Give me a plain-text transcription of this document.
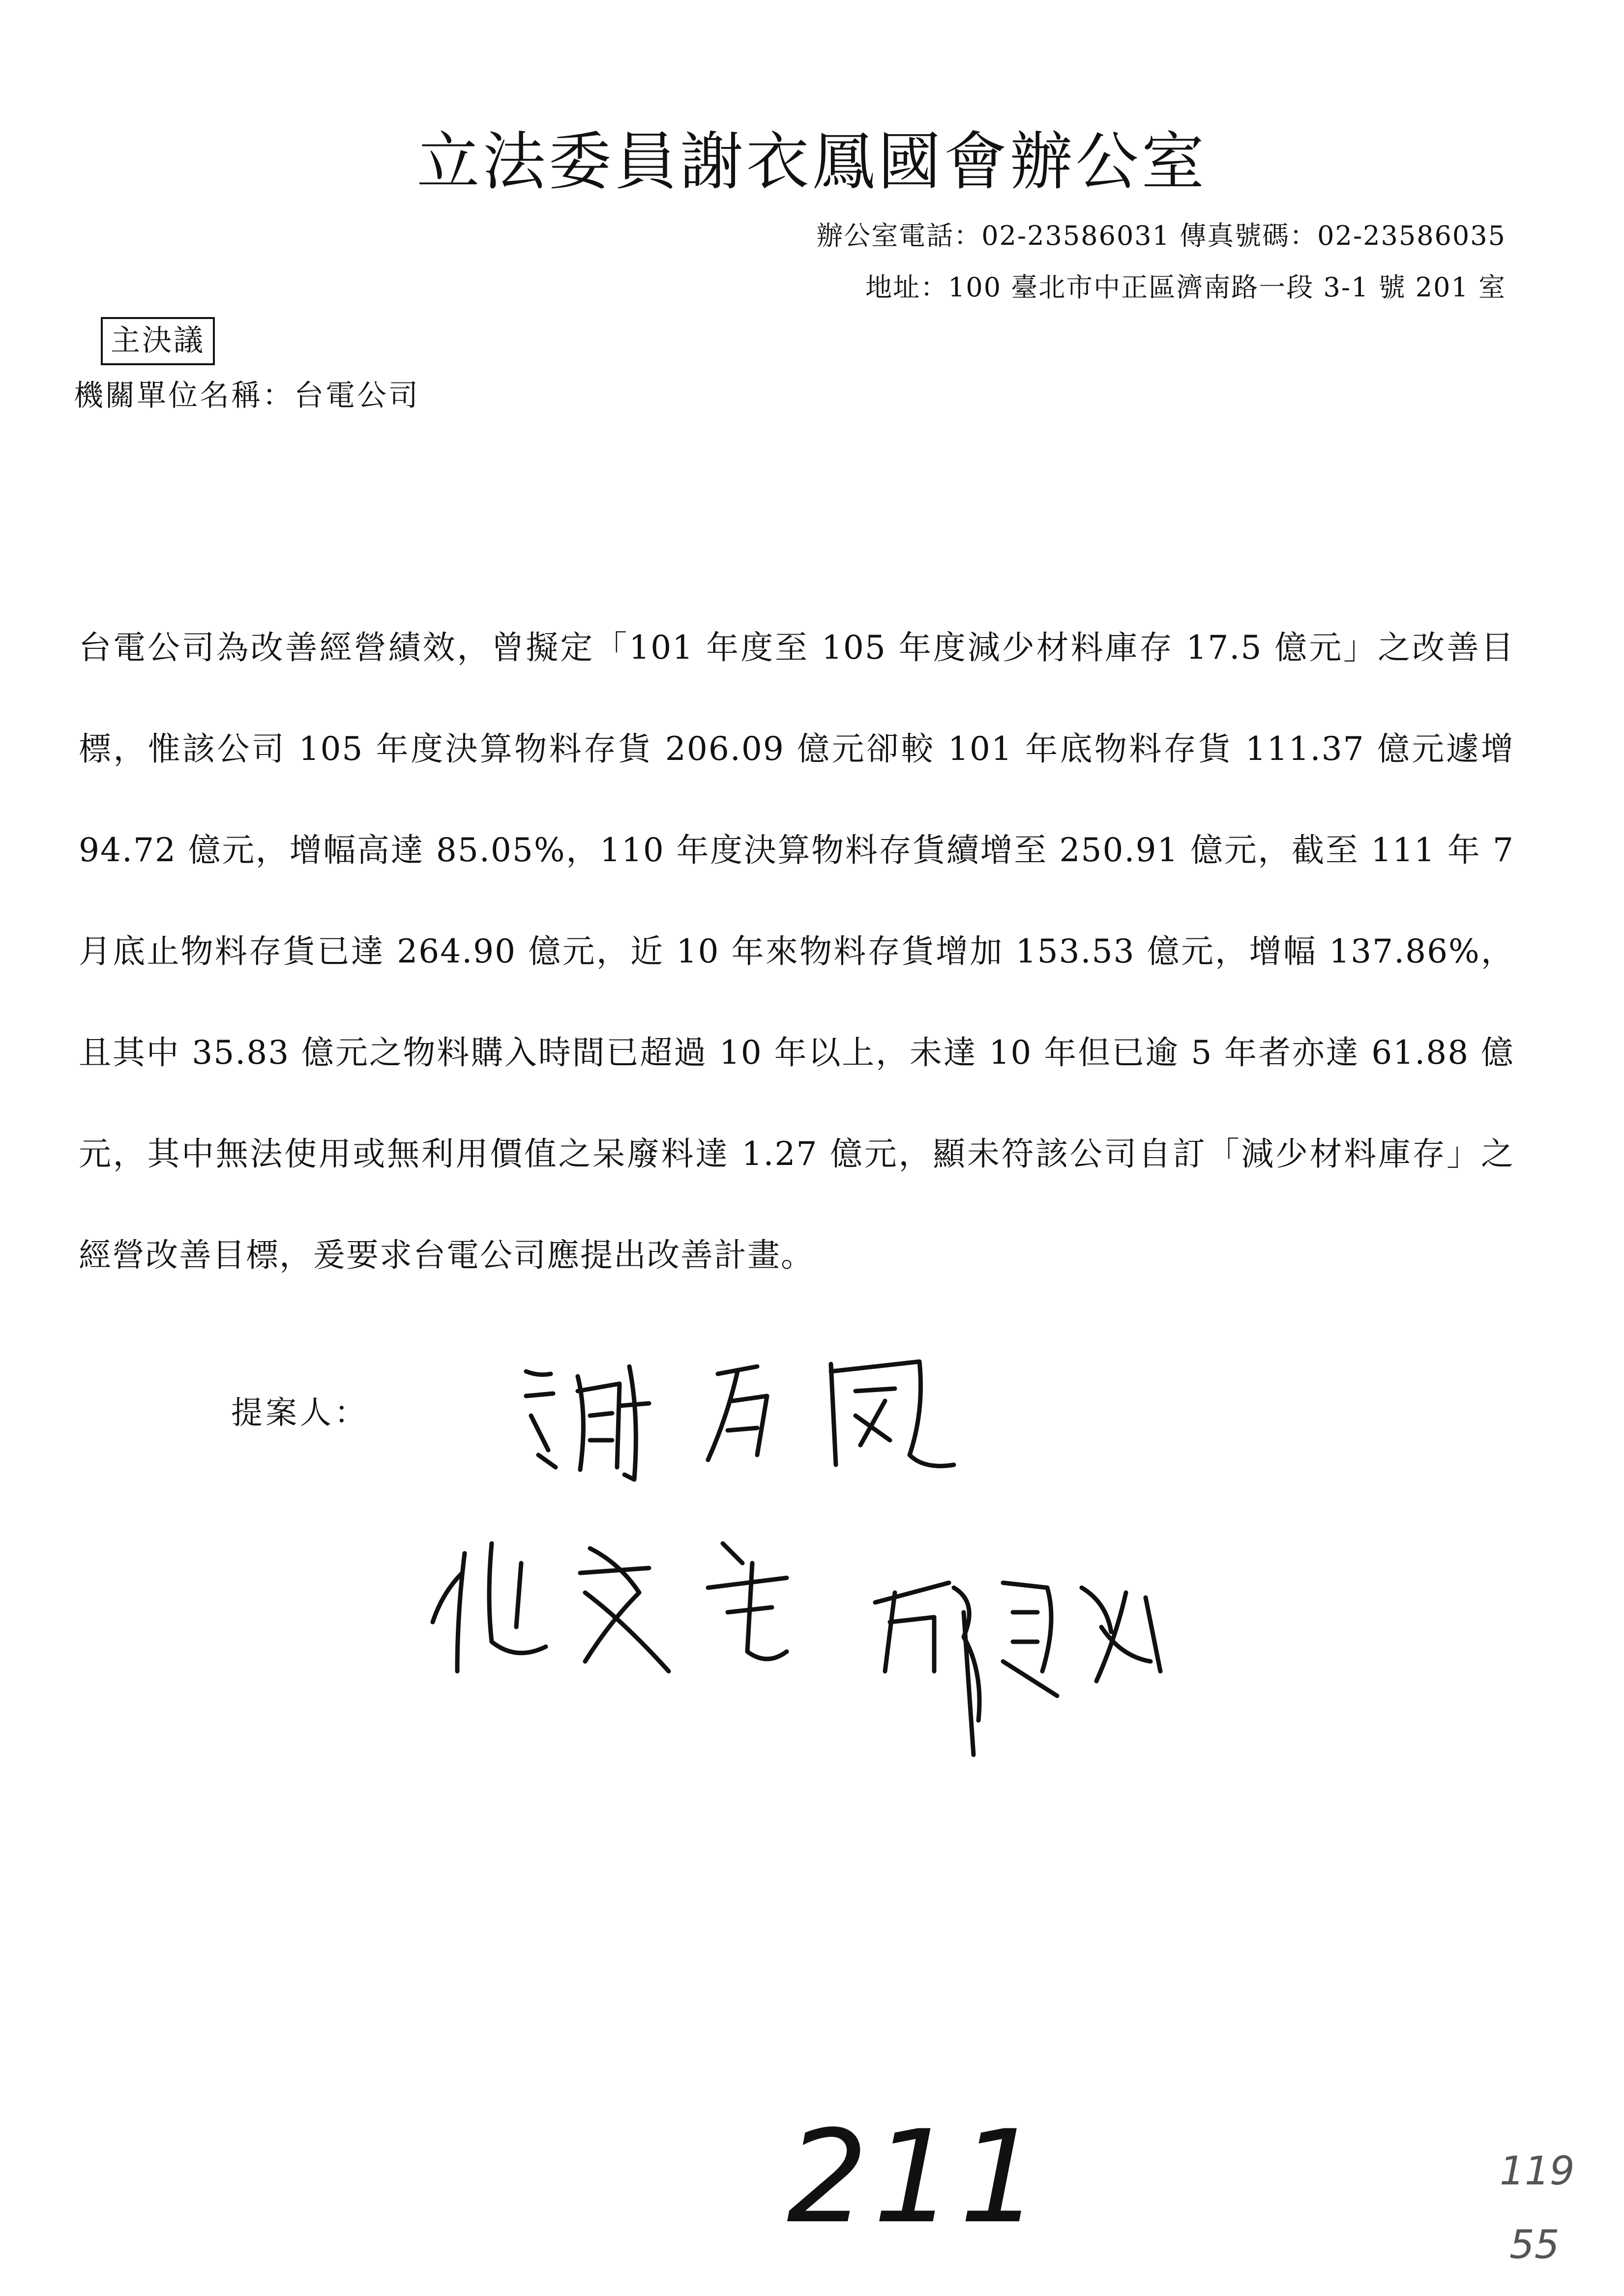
立法委員謝衣鳳國會辦公室
辦公室電話：02-23586031 傳真號碼：02-23586035
地址：100 臺北市中正區濟南路一段 3-1 號 201 室
主決議
機關單位名稱：台電公司

台電公司為改善經營績效，曾擬定「101 年度至 105 年度減少材料庫存 17.5 億元」之改善目標，惟該公司 105 年度決算物料存貨 206.09 億元卻較 101 年底物料存貨 111.37 億元遽增 94.72 億元，增幅高達 85.05%，110 年度決算物料存貨續增至 250.91 億元，截至 111 年 7 月底止物料存貨已達 264.90 億元，近 10 年來物料存貨增加 153.53 億元，增幅 137.86%，且其中 35.83 億元之物料購入時間已超過 10 年以上，未達 10 年但已逾 5 年者亦達 61.88 億元，其中無法使用或無利用價值之呆廢料達 1.27 億元，顯未符該公司自訂「減少材料庫存」之經營改善目標，爰要求台電公司應提出改善計畫。

提案人：
211	119
55
